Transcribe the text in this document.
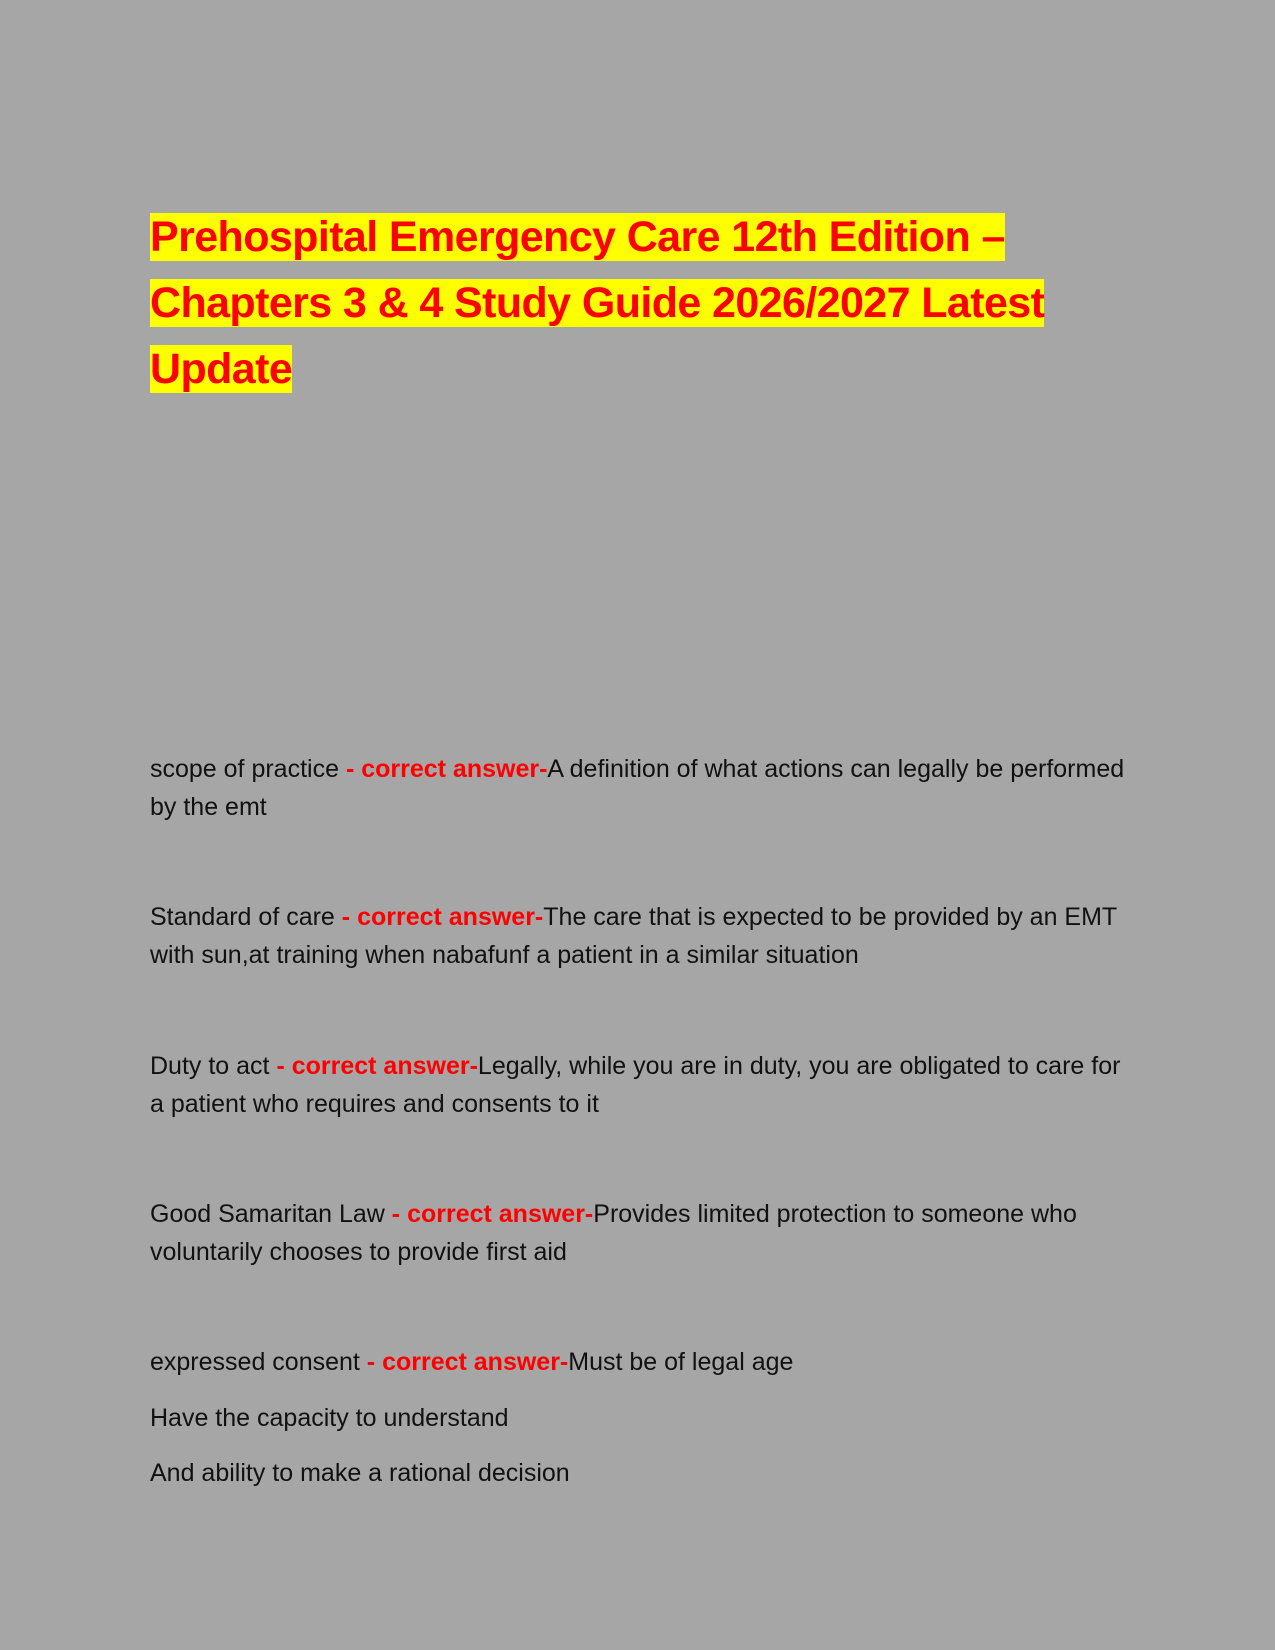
Prehospital Emergency Care 12th Edition –
Chapters 3 & 4 Study Guide 2026/2027 Latest
Update
scope of practice - correct answer-A definition of what actions can legally be performed by the emt
Standard of care - correct answer-The care that is expected to be provided by an EMT with sun,at training when nabafunf a patient in a similar situation
Duty to act - correct answer-Legally, while you are in duty, you are obligated to care for a patient who requires and consents to it
Good Samaritan Law - correct answer-Provides limited protection to someone who voluntarily chooses to provide first aid
expressed consent - correct answer-Must be of legal age
Have the capacity to understand
And ability to make a rational decision
